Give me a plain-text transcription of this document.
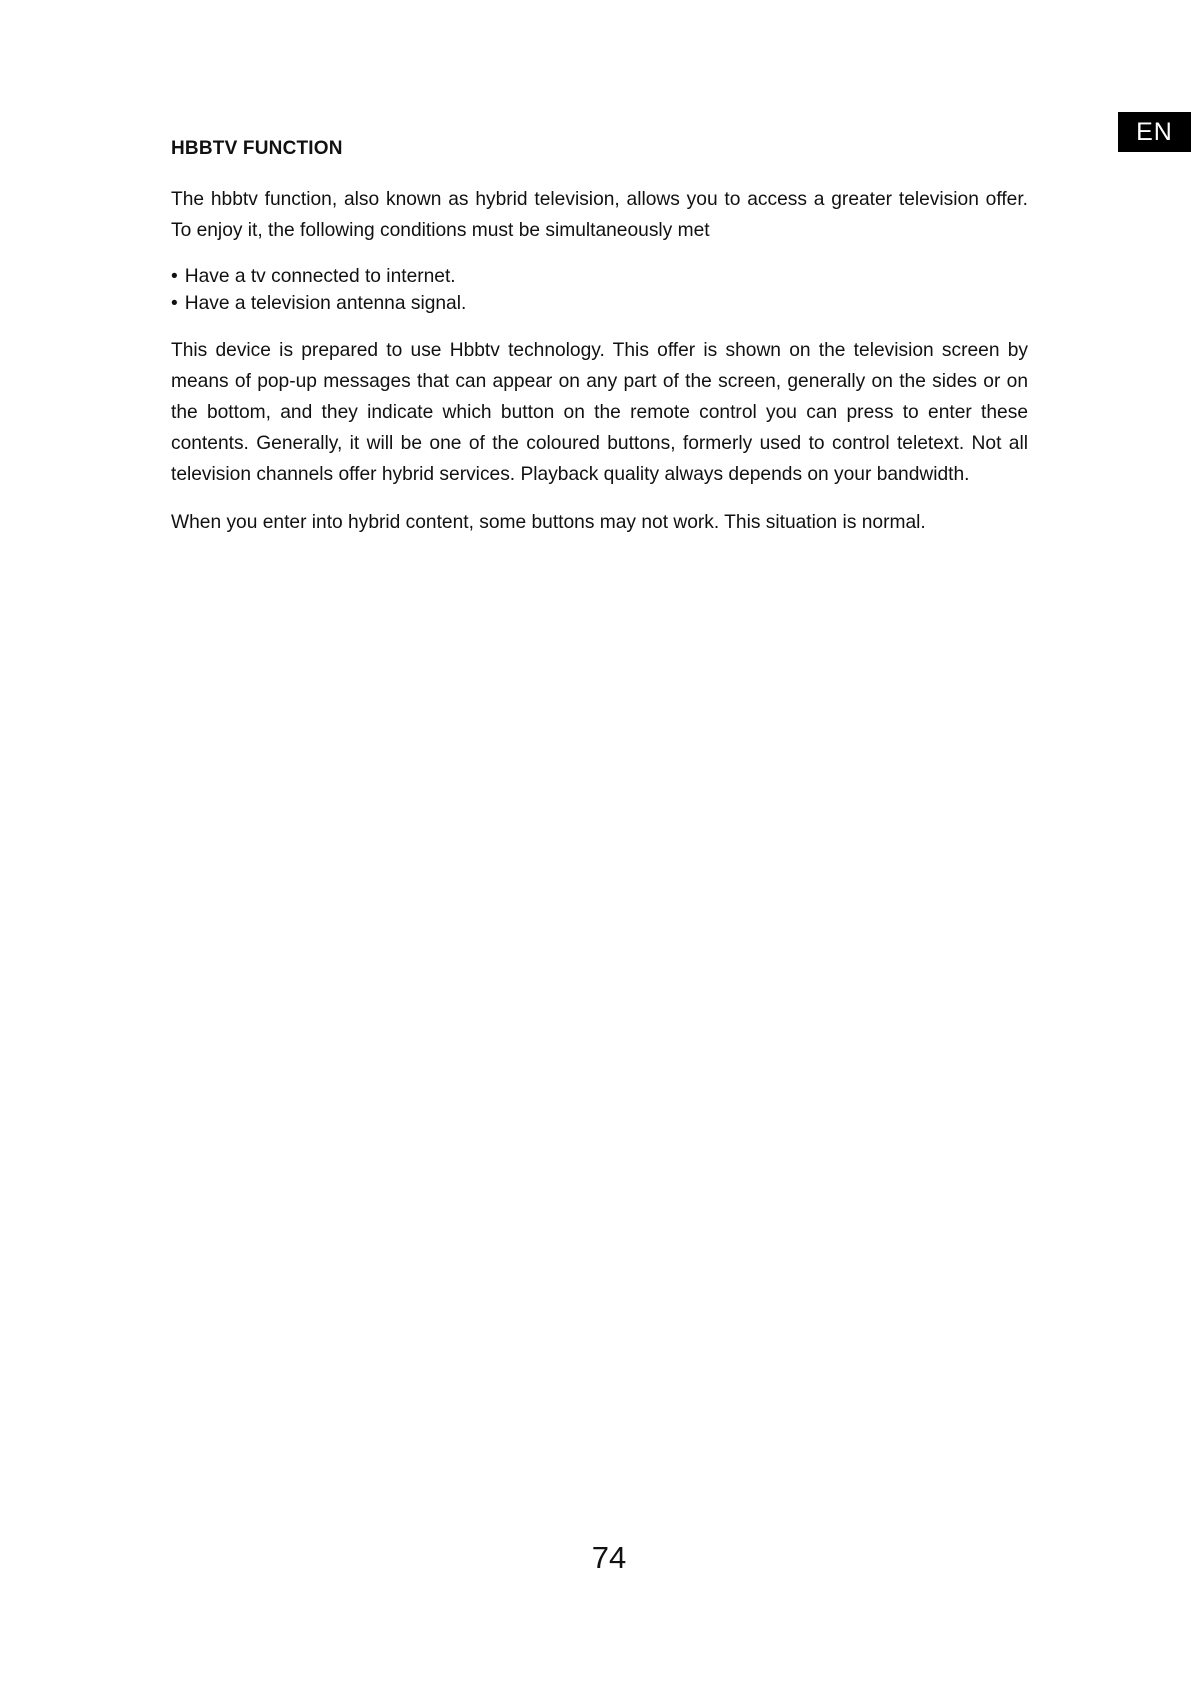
EN
HBBTV FUNCTION

The hbbtv function, also known as hybrid television, allows you to access a greater television offer. To enjoy it, the following conditions must be simultaneously met

• Have a tv connected to internet.
• Have a television antenna signal.

This device is prepared to use Hbbtv technology. This offer is shown on the television screen by means of pop-up messages that can appear on any part of the screen, generally on the sides or on the bottom, and they indicate which button on the remote control you can press to enter these contents. Generally, it will be one of the coloured buttons, formerly used to control teletext. Not all television channels offer hybrid services. Playback quality always depends on your bandwidth.

When you enter into hybrid content, some buttons may not work. This situation is normal.

74
